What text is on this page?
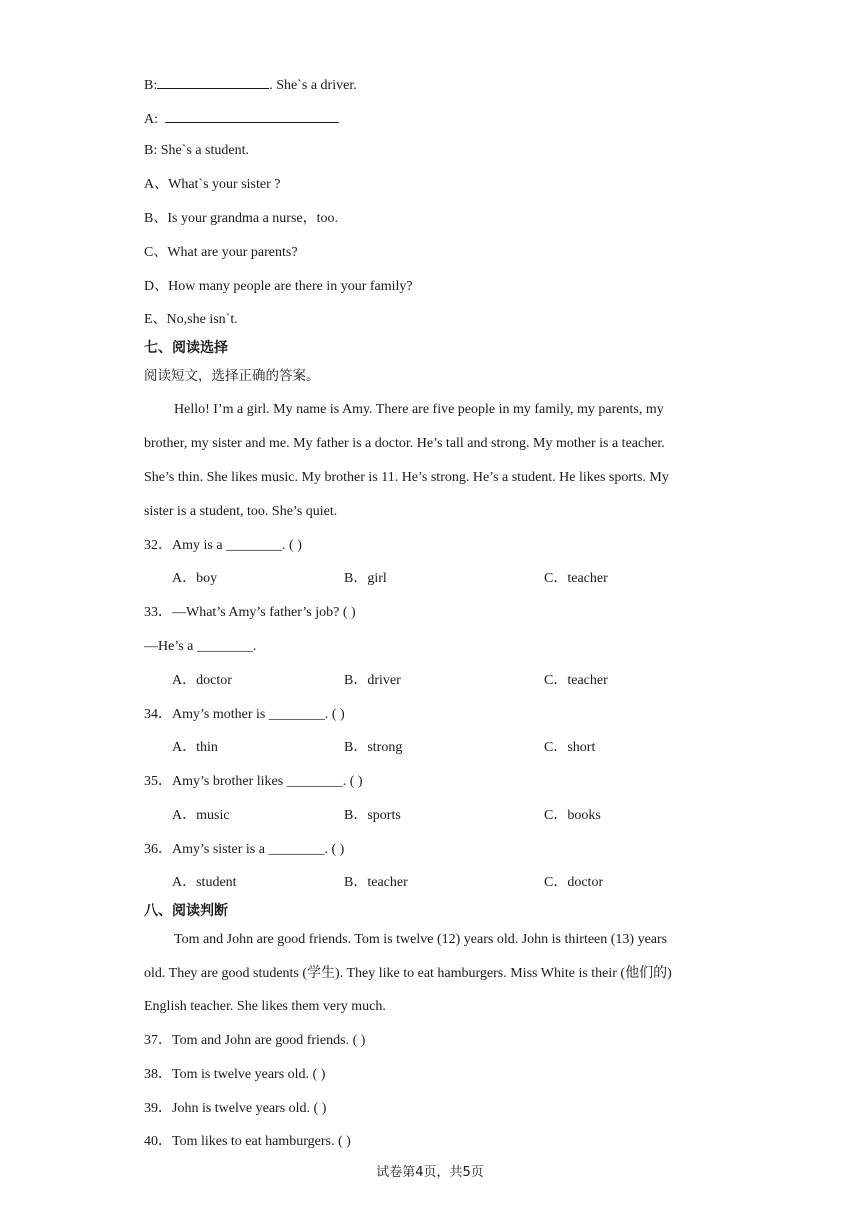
B:	. She`s a driver.
A:
B: She`s a student.
A、What`s your sister ?
B、Is your grandma a nurse，too.
C、What are your parents?
D、How many people are there in your family?
E、No,she isn`t.
七、阅读选择
阅读短文，选择正确的答案。
Hello! I’m a girl. My name is Amy. There are five people in my family, my parents, my
brother, my sister and me. My father is a doctor. He’s tall and strong. My mother is a teacher.
She’s thin. She likes music. My brother is 11. He’s strong. He’s a student. He likes sports. My
sister is a student, too. She’s quiet.
32．Amy is a ________. ( )
A．boy	B．girl	C．teacher
33．—What’s Amy’s father’s job? ( )
—He’s a ________.
A．doctor	B．driver	C．teacher
34．Amy’s mother is ________. ( )
A．thin	B．strong	C．short
35．Amy’s brother likes ________. ( )
A．music	B．sports	C．books
36．Amy’s sister is a ________. ( )
A．student	B．teacher	C．doctor
八、阅读判断
Tom and John are good friends. Tom is twelve (12) years old. John is thirteen (13) years
old. They are good students (学生). They like to eat hamburgers. Miss White is their (他们的)
English teacher. She likes them very much.
37．Tom and John are good friends. ( )
38．Tom is twelve years old. ( )
39．John is twelve years old. ( )
40．Tom likes to eat hamburgers. ( )
试卷第4页，共5页
